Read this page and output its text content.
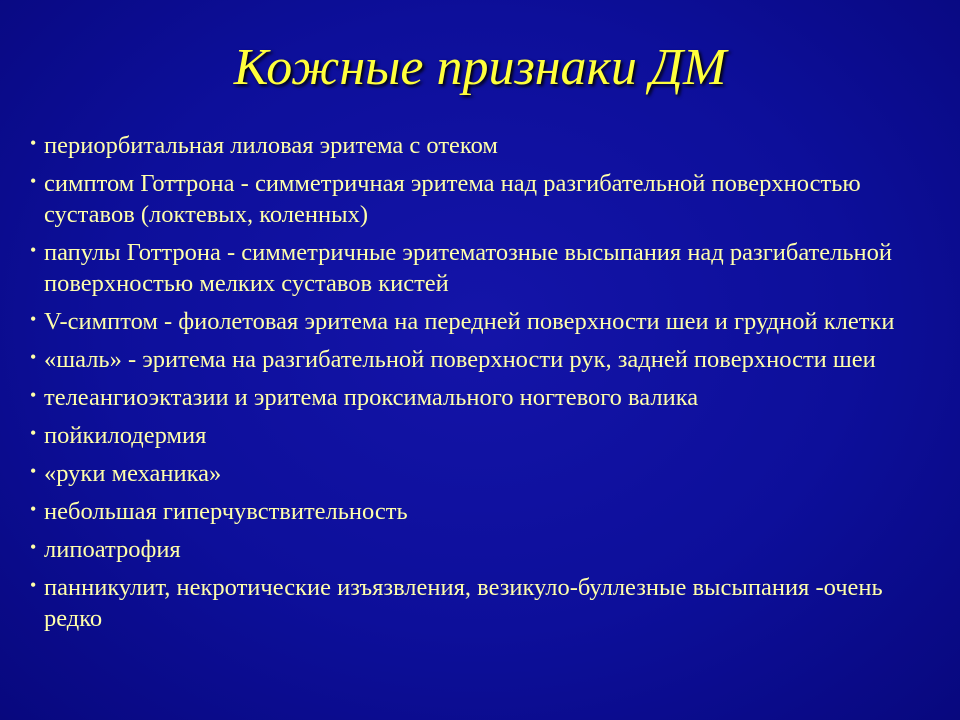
Кожные признаки ДМ
• периорбитальная лиловая эритема с отеком
• симптом Готтрона - симметричная эритема над разгибательной поверхностью суставов (локтевых, коленных)
• папулы Готтрона - симметричные эритематозные высыпания над разгибательной поверхностью мелких суставов кистей
• V-симптом - фиолетовая эритема на передней поверхности шеи и грудной клетки
• «шаль» - эритема на разгибательной поверхности рук, задней поверхности шеи
• телеангиоэктазии и эритема проксимального ногтевого валика
• пойкилодермия
• «руки механика»
• небольшая гиперчувствительность
• липоатрофия
• панникулит, некротические изъязвления, везикуло-буллезные высыпания -очень редко
